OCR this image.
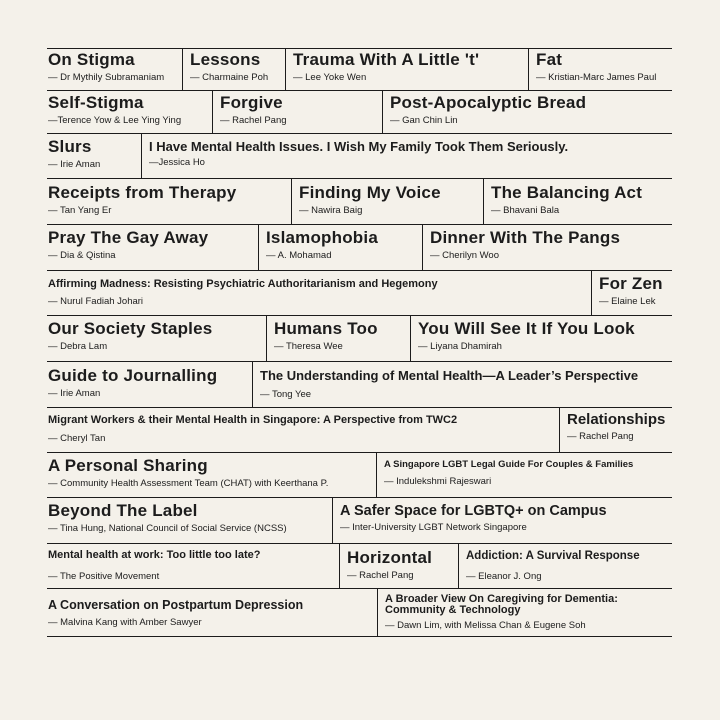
On Stigma
— Dr Mythily Subramaniam
Lessons
— Charmaine Poh
Trauma With A Little 't'
— Lee Yoke Wen
Fat
— Kristian-Marc James Paul
Self-Stigma
—Terence Yow & Lee Ying Ying
Forgive
— Rachel Pang
Post-Apocalyptic Bread
— Gan Chin Lin
Slurs
— Irie Aman
I Have Mental Health Issues. I Wish My Family Took Them Seriously.
—Jessica Ho
Receipts from Therapy
— Tan Yang Er
Finding My Voice
— Nawira Baig
The Balancing Act
— Bhavani Bala
Pray The Gay Away
— Dia & Qistina
Islamophobia
— A. Mohamad
Dinner With The Pangs
— Cherilyn Woo
Affirming Madness: Resisting Psychiatric Authoritarianism and Hegemony
— Nurul Fadiah Johari
For Zen
— Elaine Lek
Our Society Staples
— Debra Lam
Humans Too
— Theresa Wee
You Will See It If You Look
— Liyana Dhamirah
Guide to Journalling
— Irie Aman
The Understanding of Mental Health—A Leader’s Perspective
— Tong Yee
Migrant Workers & their Mental Health in Singapore: A Perspective from TWC2
— Cheryl Tan
Relationships
— Rachel Pang
A Personal Sharing
— Community Health Assessment Team (CHAT) with Keerthana P.
A Singapore LGBT Legal Guide For Couples & Families
— Indulekshmi Rajeswari
Beyond The Label
— Tina Hung, National Council of Social Service (NCSS)
A Safer Space for LGBTQ+ on Campus
— Inter-University LGBT Network Singapore
Mental health at work: Too little too late?
— The Positive Movement
Horizontal
— Rachel Pang
Addiction: A Survival Response
— Eleanor J. Ong
A Conversation on Postpartum Depression
— Malvina Kang with Amber Sawyer
A Broader View On Caregiving for Dementia: Community & Technology
— Dawn Lim, with Melissa Chan & Eugene Soh
